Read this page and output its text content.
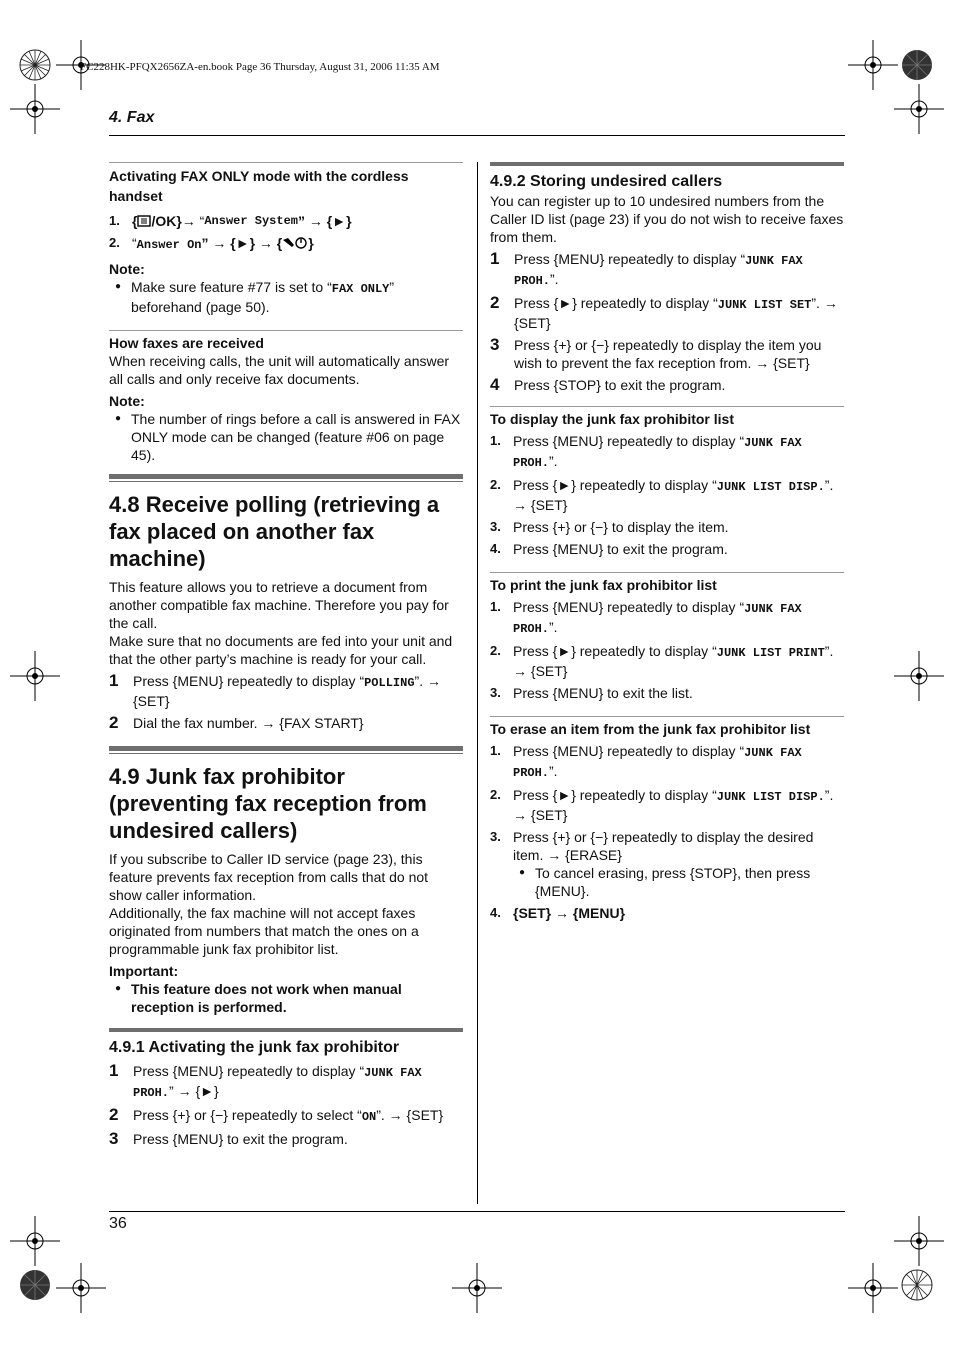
FC228HK-PFQX2656ZA-en.book Page 36 Thursday, August 31, 2006 11:35 AM
4. Fax

Activating FAX ONLY mode with the cordless handset

1. { /OK} → “ Answer System ” → {►}
2. “Answer On” → {►} → { }

Note:

● Make sure feature #77 is set to “FAX ONLY” beforehand (page 50).

How faxes are received

When receiving calls, the unit will automatically answer all calls and only receive fax documents.

Note:

● The number of rings before a call is answered in FAX ONLY mode can be changed (feature #06 on page 45).
4.8 Receive polling (retrieving a fax placed on another fax machine)

This feature allows you to retrieve a document from another compatible fax machine. Therefore you pay for the call.

Make sure that no documents are fed into your unit and that the other party’s machine is ready for your call.

1	Press {MENU} repeatedly to display “POLLING”. → {SET}
2	Dial the fax number. → {FAX START}
4.9 Junk fax prohibitor (preventing fax reception from undesired callers)

If you subscribe to Caller ID service (page 23), this feature prevents fax reception from calls that do not show caller information.

Additionally, the fax machine will not accept faxes originated from numbers that match the ones on a programmable junk fax prohibitor list.

Important:

● This feature does not work when manual reception is performed.
4.9.1 Activating the junk fax prohibitor
1	Press {MENU} repeatedly to display “JUNK FAX PROH.” → {►}
2	Press {+} or {−} repeatedly to select “ON”. → {SET}
3	Press {MENU} to exit the program.
4.9.2 Storing undesired callers

You can register up to 10 undesired numbers from the Caller ID list (page 23) if you do not wish to receive faxes from them.

1	Press {MENU} repeatedly to display “JUNK FAX PROH.”.
2	Press {►} repeatedly to display “JUNK LIST SET”. → {SET}
3	Press {+} or {−} repeatedly to display the item you wish to prevent the fax reception from. → {SET}
4	Press {STOP} to exit the program.

To display the junk fax prohibitor list

1. Press {MENU} repeatedly to display “JUNK FAX PROH.”.
2. Press {►} repeatedly to display “JUNK LIST DISP.”. → {SET}
3. Press {+} or {−} to display the item.
4. Press {MENU} to exit the program.

To print the junk fax prohibitor list

1. Press {MENU} repeatedly to display “JUNK FAX PROH.”.
2. Press {►} repeatedly to display “JUNK LIST PRINT”. → {SET}
3. Press {MENU} to exit the list.

To erase an item from the junk fax prohibitor list

1. Press {MENU} repeatedly to display “JUNK FAX PROH.”.
2. Press {►} repeatedly to display “JUNK LIST DISP.”. → {SET}
3. Press {+} or {−} repeatedly to display the desired item. → {ERASE}
● To cancel erasing, press {STOP}, then press {MENU}.
4. {SET} → {MENU}
36
